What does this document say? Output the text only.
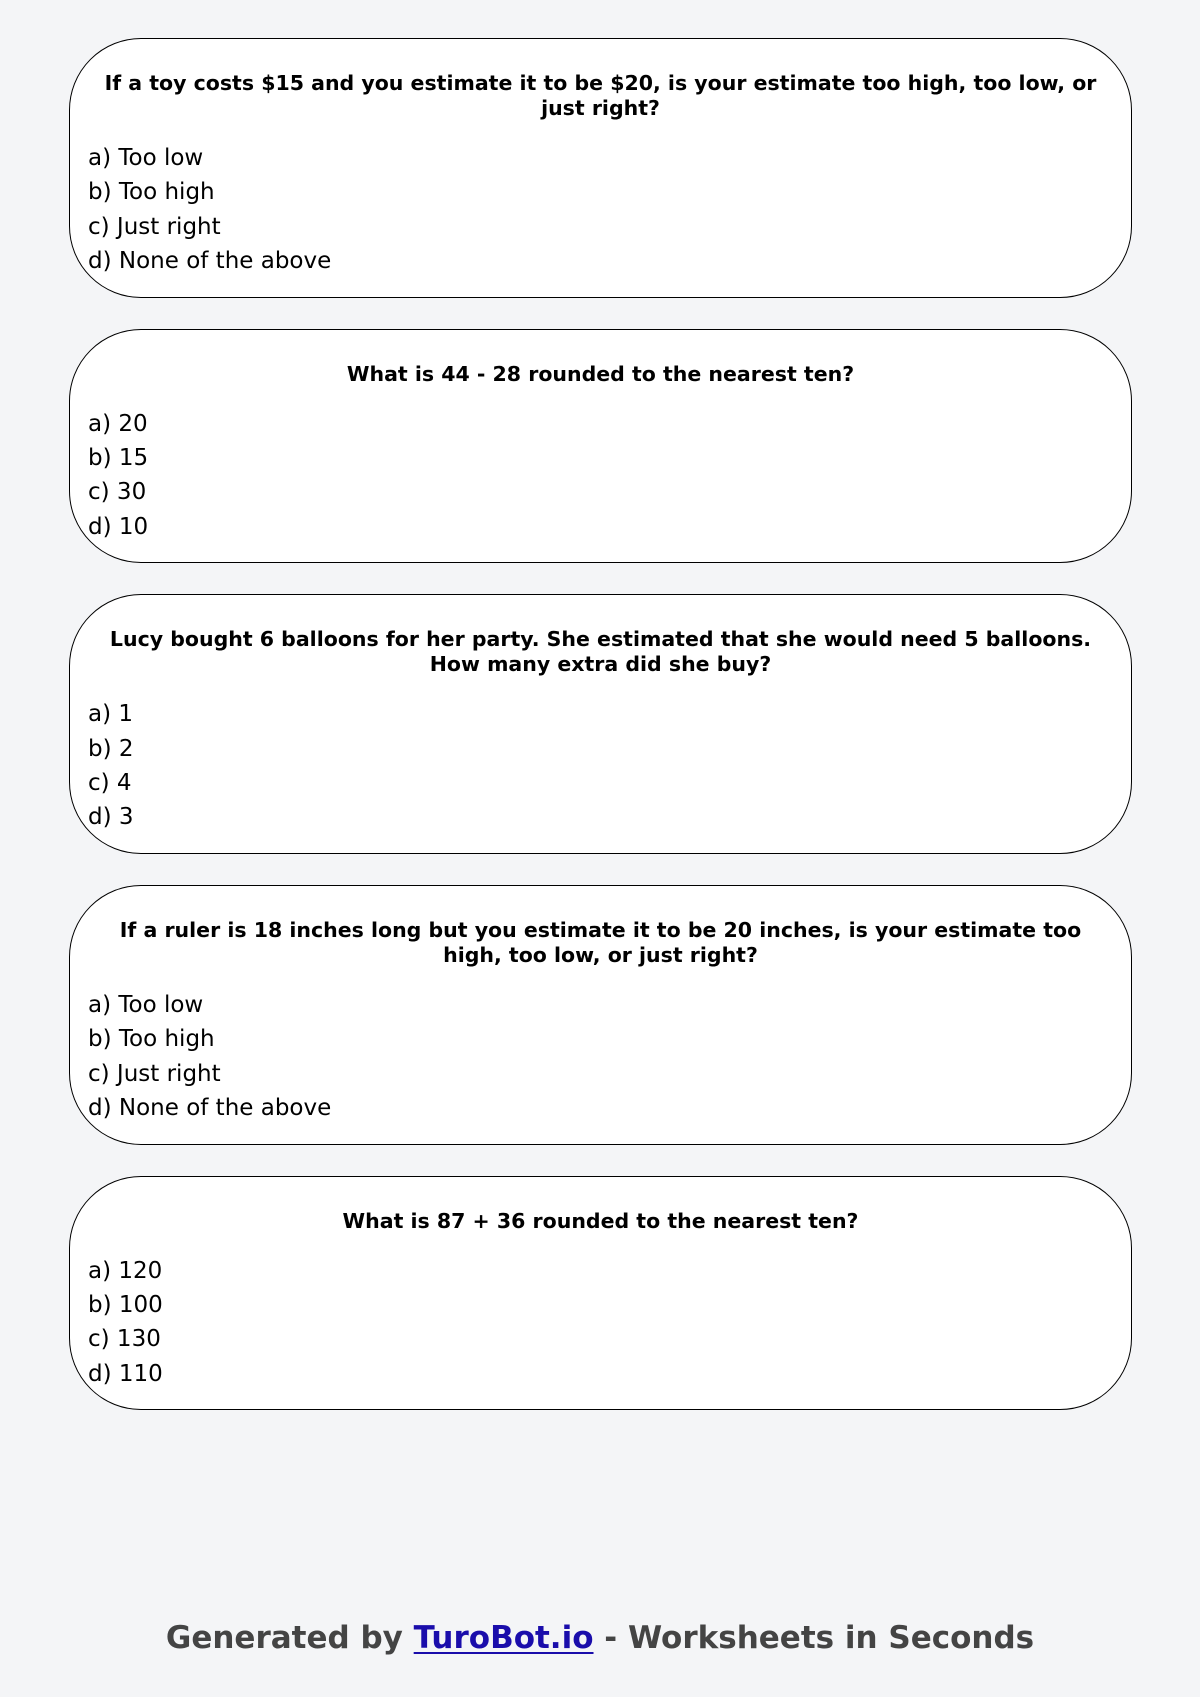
If a toy costs $15 and you estimate it to be $20, is your estimate too high, too low, or just right?
a) Too low
b) Too high
c) Just right
d) None of the above
What is 44 - 28 rounded to the nearest ten?
a) 20
b) 15
c) 30
d) 10
Lucy bought 6 balloons for her party. She estimated that she would need 5 balloons. How many extra did she buy?
a) 1
b) 2
c) 4
d) 3
If a ruler is 18 inches long but you estimate it to be 20 inches, is your estimate too high, too low, or just right?
a) Too low
b) Too high
c) Just right
d) None of the above
What is 87 + 36 rounded to the nearest ten?
a) 120
b) 100
c) 130
d) 110
Generated by TuroBot.io - Worksheets in Seconds
